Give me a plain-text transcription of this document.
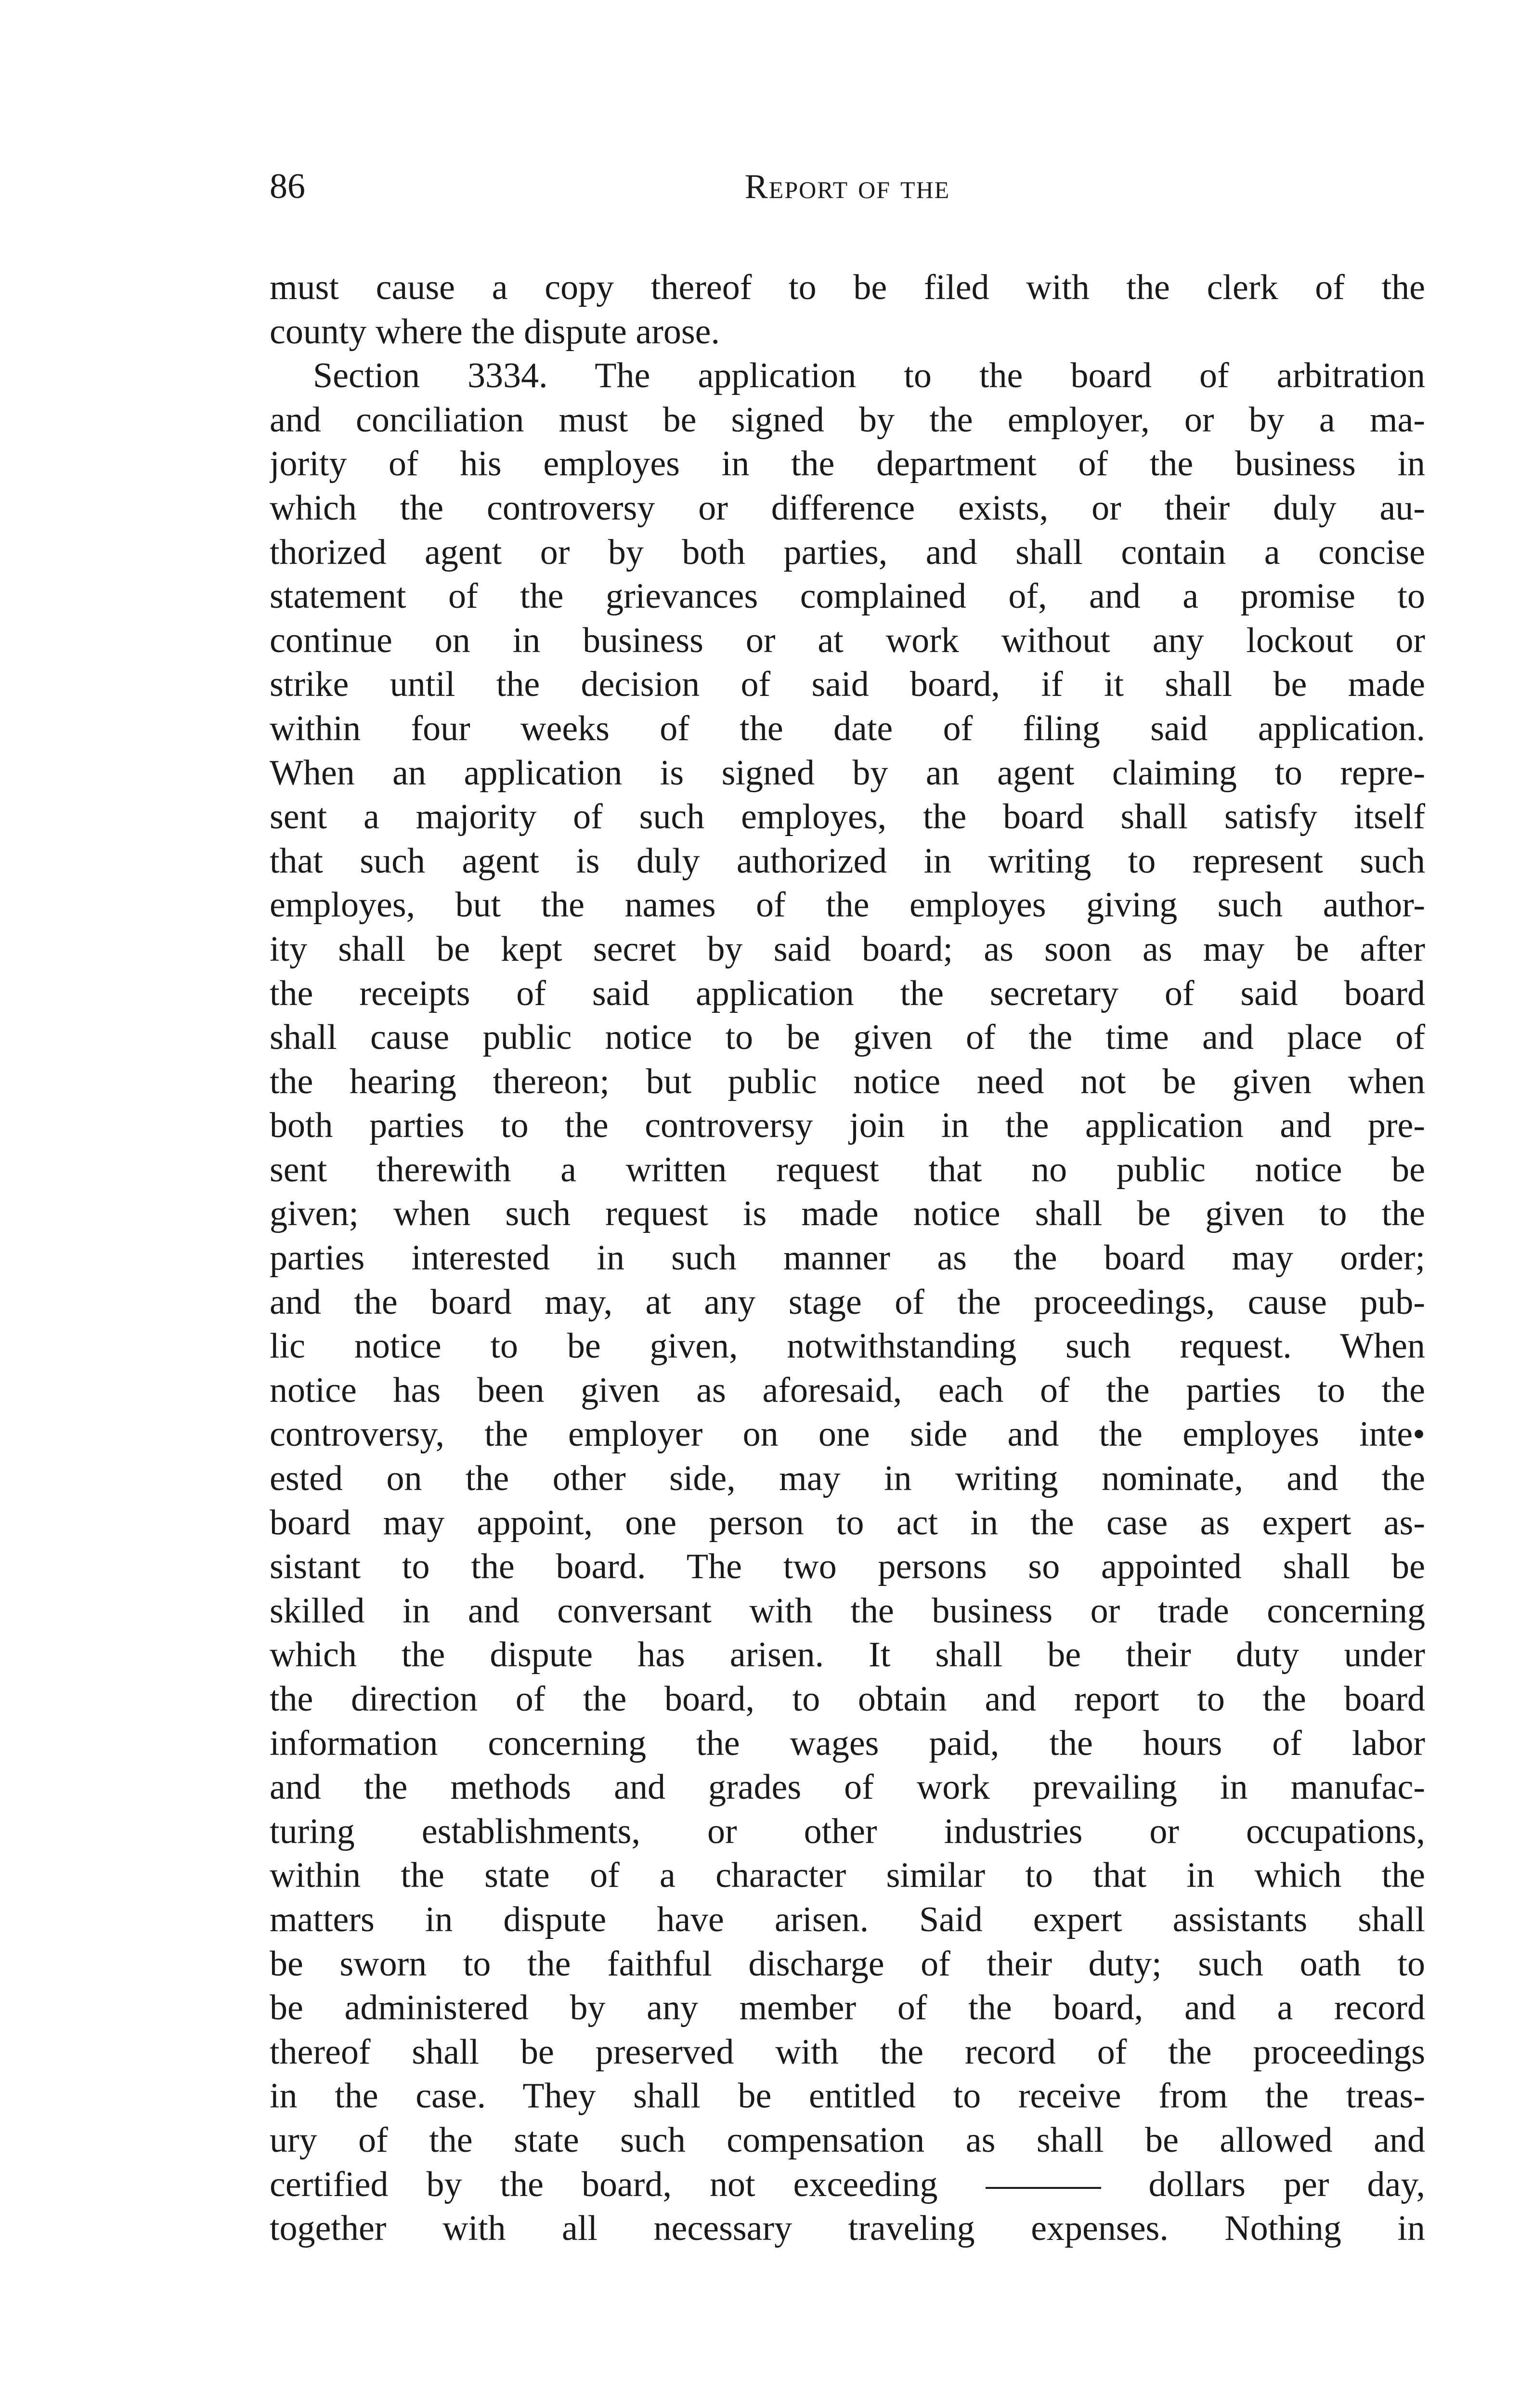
86	Report of the
must cause a copy thereof to be filed with the clerk of the
county where the dispute arose.
Section 3334. The application to the board of arbitration
and conciliation must be signed by the employer, or by a ma-
jority of his employes in the department of the business in
which the controversy or difference exists, or their duly au-
thorized agent or by both parties, and shall contain a concise
statement of the grievances complained of, and a promise to
continue on in business or at work without any lockout or
strike until the decision of said board, if it shall be made
within four weeks of the date of filing said application.
When an application is signed by an agent claiming to repre-
sent a majority of such employes, the board shall satisfy itself
that such agent is duly authorized in writing to represent such
employes, but the names of the employes giving such author-
ity shall be kept secret by said board; as soon as may be after
the receipts of said application the secretary of said board
shall cause public notice to be given of the time and place of
the hearing thereon; but public notice need not be given when
both parties to the controversy join in the application and pre-
sent therewith a written request that no public notice be
given; when such request is made notice shall be given to the
parties interested in such manner as the board may order;
and the board may, at any stage of the proceedings, cause pub-
lic notice to be given, notwithstanding such request. When
notice has been given as aforesaid, each of the parties to the
controversy, the employer on one side and the employes inte•
ested on the other side, may in writing nominate, and the
board may appoint, one person to act in the case as expert as-
sistant to the board. The two persons so appointed shall be
skilled in and conversant with the business or trade concerning
which the dispute has arisen. It shall be their duty under
the direction of the board, to obtain and report to the board
information concerning the wages paid, the hours of labor
and the methods and grades of work prevailing in manufac-
turing establishments, or other industries or occupations,
within the state of a character similar to that in which the
matters in dispute have arisen. Said expert assistants shall
be sworn to the faithful discharge of their duty; such oath to
be administered by any member of the board, and a record
thereof shall be preserved with the record of the proceedings
in the case. They shall be entitled to receive from the treas-
ury of the state such compensation as shall be allowed and
certified by the board, not exceeding	dollars per day,
together with all necessary traveling expenses. Nothing in
